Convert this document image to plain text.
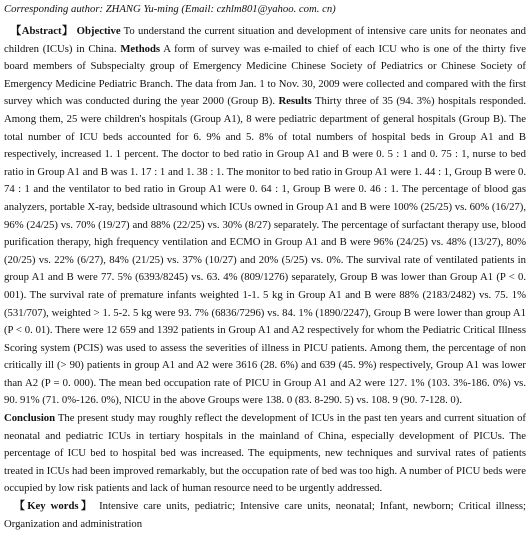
Corresponding author: ZHANG Yu-ming (Email: czhlm801@yahoo. com. cn)

【Abstract】 Objective To understand the current situation and development of intensive care units for neonates and children (ICUs) in China. Methods A form of survey was e-mailed to chief of each ICU who is one of the thirty five board members of Subspecialty group of Emergency Medicine Chinese Society of Pediatrics or Chinese Society of Emergency Medicine Pediatric Branch. The data from Jan. 1 to Nov. 30, 2009 were collected and compared with the first survey which was conducted during the year 2000 (Group B). Results Thirty three of 35 (94. 3%) hospitals responded. Among them, 25 were children's hospitals (Group A1), 8 were pediatric department of general hospitals (Group B). The total number of ICU beds accounted for 6. 9% and 5. 8% of total numbers of hospital beds in Group A1 and B respectively, increased 1. 1 percent. The doctor to bed ratio in Group A1 and B were 0. 5 : 1 and 0. 75 : 1, nurse to bed ratio in Group A1 and B was 1. 17 : 1 and 1. 38 : 1. The monitor to bed ratio in Group A1 were 1. 44 : 1, Group B were 0. 74 : 1 and the ventilator to bed ratio in Group A1 were 0. 64 : 1, Group B were 0. 46 : 1. The percentage of blood gas analyzers, portable X-ray, bedside ultrasound which ICUs owned in Group A1 and B were 100% (25/25) vs. 60% (16/27), 96% (24/25) vs. 70% (19/27) and 88% (22/25) vs. 30% (8/27) separately. The percentage of surfactant therapy use, blood purification therapy, high frequency ventilation and ECMO in Group A1 and B were 96% (24/25) vs. 48% (13/27), 80% (20/25) vs. 22% (6/27), 84% (21/25) vs. 37% (10/27) and 20% (5/25) vs. 0%. The survival rate of ventilated patients in group A1 and B were 77. 5% (6393/8245) vs. 63. 4% (809/1276) separately, Group B was lower than Group A1 (P < 0. 001). The survival rate of premature infants weighted 1-1. 5 kg in Group A1 and B were 88% (2183/2482) vs. 75. 1% (531/707), weighted > 1. 5-2. 5 kg were 93. 7% (6836/7296) vs. 84. 1% (1890/2247), Group B were lower than group A1 (P < 0. 01). There were 12 659 and 1392 patients in Group A1 and A2 respectively for whom the Pediatric Critical Illness Scoring system (PCIS) was used to assess the severities of illness in PICU patients. Among them, the percentage of non critically ill (> 90) patients in group A1 and A2 were 3616 (28. 6%) and 639 (45. 9%) respectively, Group A1 was lower than A2 (P = 0. 000). The mean bed occupation rate of PICU in Group A1 and A2 were 127. 1% (103. 3%-186. 0%) vs. 90. 91% (71. 0%-126. 0%), NICU in the above Groups were 138. 0 (83. 8-290. 5) vs. 108. 9 (90. 7-128. 0).
Conclusion The present study may roughly reflect the development of ICUs in the past ten years and current situation of neonatal and pediatric ICUs in tertiary hospitals in the mainland of China, especially development of PICUs. The percentage of ICU bed to hospital bed was increased. The equipments, new techniques and survival rates of patients treated in ICUs had been improved remarkably, but the occupation rate of bed was too high. A number of PICU beds were occupied by low risk patients and lack of human resource need to be urgently addressed.

【Key words】 Intensive care units, pediatric; Intensive care units, neonatal; Infant, newborn; Critical illness; Organization and administration
